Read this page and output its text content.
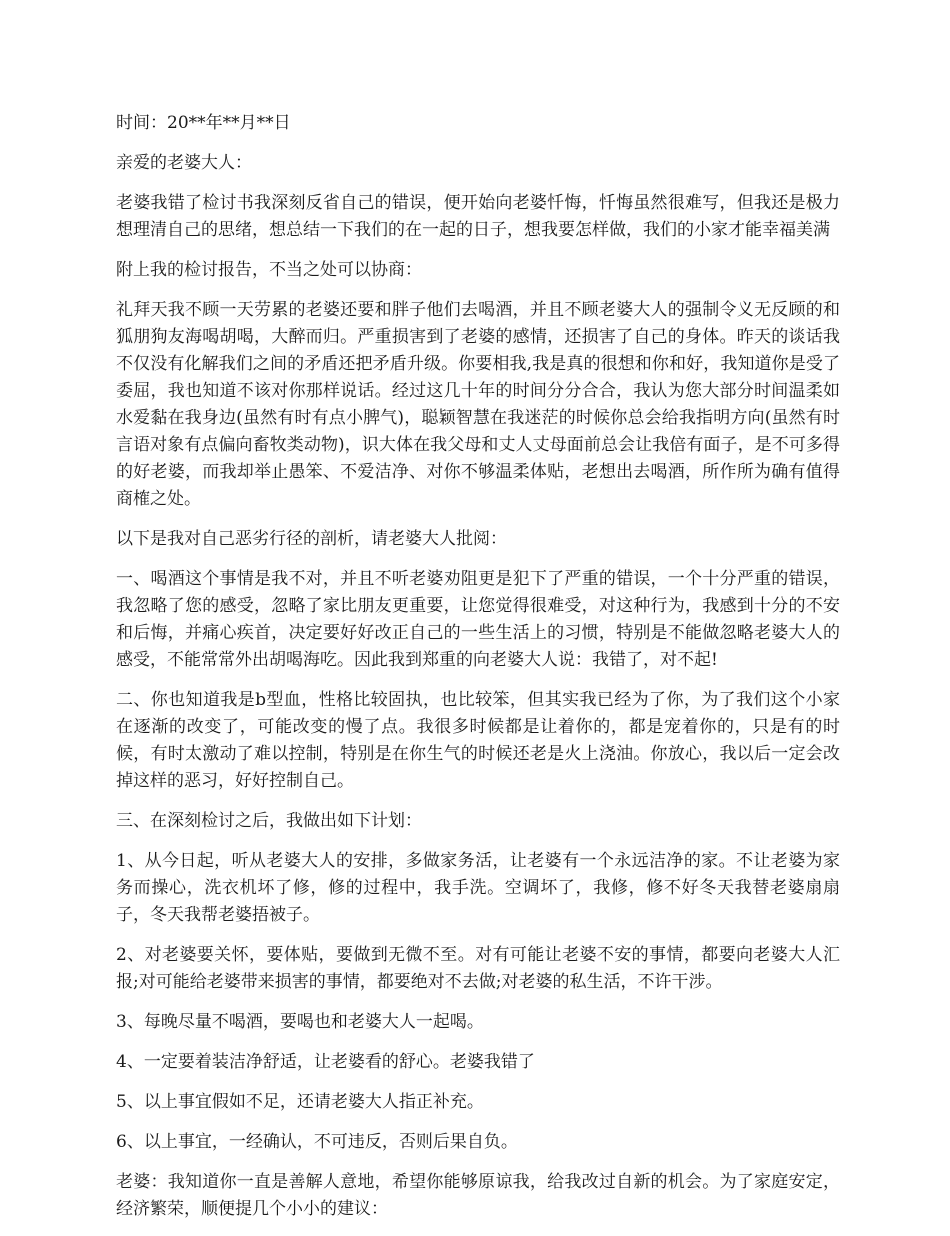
时间：20**年**月**日

亲爱的老婆大人：

老婆我错了检讨书我深刻反省自己的错误，便开始向老婆忏悔，忏悔虽然很难写，但我还是极力想理清自己的思绪，想总结一下我们的在一起的日子，想我要怎样做，我们的小家才能幸福美满

附上我的检讨报告，不当之处可以协商：

礼拜天我不顾一天劳累的老婆还要和胖子他们去喝酒，并且不顾老婆大人的强制令义无反顾的和狐朋狗友海喝胡喝，大醉而归。严重损害到了老婆的感情，还损害了自己的身体。昨天的谈话我不仅没有化解我们之间的矛盾还把矛盾升级。你要相我,我是真的很想和你和好，我知道你是受了委屈，我也知道不该对你那样说话。经过这几十年的时间分分合合，我认为您大部分时间温柔如水爱黏在我身边(虽然有时有点小脾气)，聪颖智慧在我迷茫的时候你总会给我指明方向(虽然有时言语对象有点偏向畜牧类动物)，识大体在我父母和丈人丈母面前总会让我倍有面子，是不可多得的好老婆，而我却举止愚笨、不爱洁净、对你不够温柔体贴，老想出去喝酒，所作所为确有值得商榷之处。

以下是我对自己恶劣行径的剖析，请老婆大人批阅：

一、喝酒这个事情是我不对，并且不听老婆劝阻更是犯下了严重的错误，一个十分严重的错误，我忽略了您的感受，忽略了家比朋友更重要，让您觉得很难受，对这种行为，我感到十分的不安和后悔，并痛心疾首，决定要好好改正自己的一些生活上的习惯，特别是不能做忽略老婆大人的感受，不能常常外出胡喝海吃。因此我到郑重的向老婆大人说：我错了，对不起!

二、你也知道我是b型血，性格比较固执，也比较笨，但其实我已经为了你，为了我们这个小家在逐渐的改变了，可能改变的慢了点。我很多时候都是让着你的，都是宠着你的，只是有的时候，有时太激动了难以控制，特别是在你生气的时候还老是火上浇油。你放心，我以后一定会改掉这样的恶习，好好控制自己。

三、在深刻检讨之后，我做出如下计划：

1、从今日起，听从老婆大人的安排，多做家务活，让老婆有一个永远洁净的家。不让老婆为家务而操心，洗衣机坏了修，修的过程中，我手洗。空调坏了，我修，修不好冬天我替老婆扇扇子，冬天我帮老婆捂被子。

2、对老婆要关怀，要体贴，要做到无微不至。对有可能让老婆不安的事情，都要向老婆大人汇报;对可能给老婆带来损害的事情，都要绝对不去做;对老婆的私生活，不许干涉。

3、每晚尽量不喝酒，要喝也和老婆大人一起喝。

4、一定要着装洁净舒适，让老婆看的舒心。老婆我错了

5、以上事宜假如不足，还请老婆大人指正补充。

6、以上事宜，一经确认，不可违反，否则后果自负。

老婆：我知道你一直是善解人意地，希望你能够原谅我，给我改过自新的机会。为了家庭安定，经济繁荣，顺便提几个小小的建议：
